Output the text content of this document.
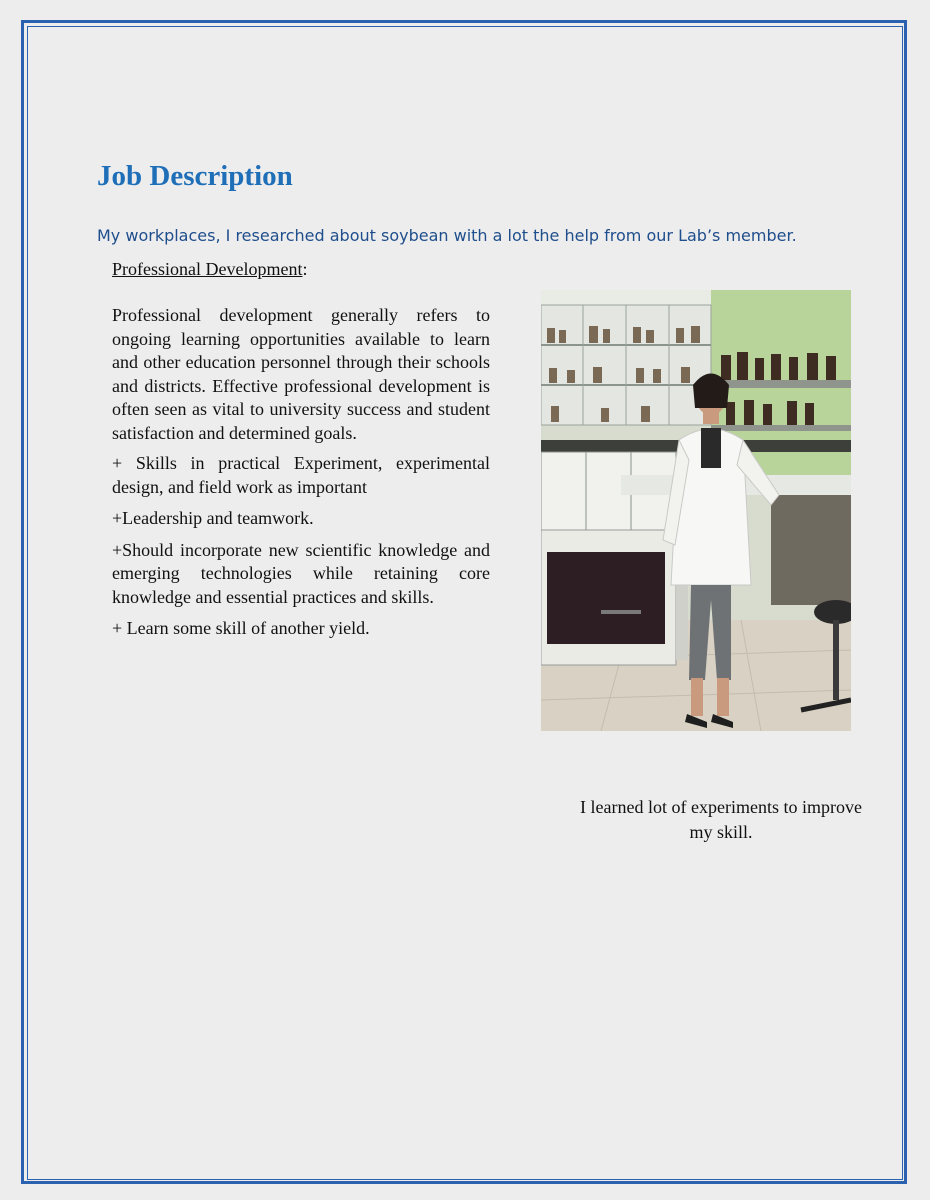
Job Description

My workplaces, I researched about soybean with a lot the help from our Lab’s member.

Professional Development:

Professional development generally refers to ongoing learning opportunities available to learn and other education personnel through their schools and districts. Effective professional development is often seen as vital to university success and student satisfaction and determined goals.

+ Skills in practical Experiment, experimental design, and field work as important

+Leadership and teamwork.

+Should incorporate new scientific knowledge and emerging technologies while retaining core knowledge and essential practices and skills.

+ Learn some skill of another yield.

I learned lot of experiments to improve my skill.
